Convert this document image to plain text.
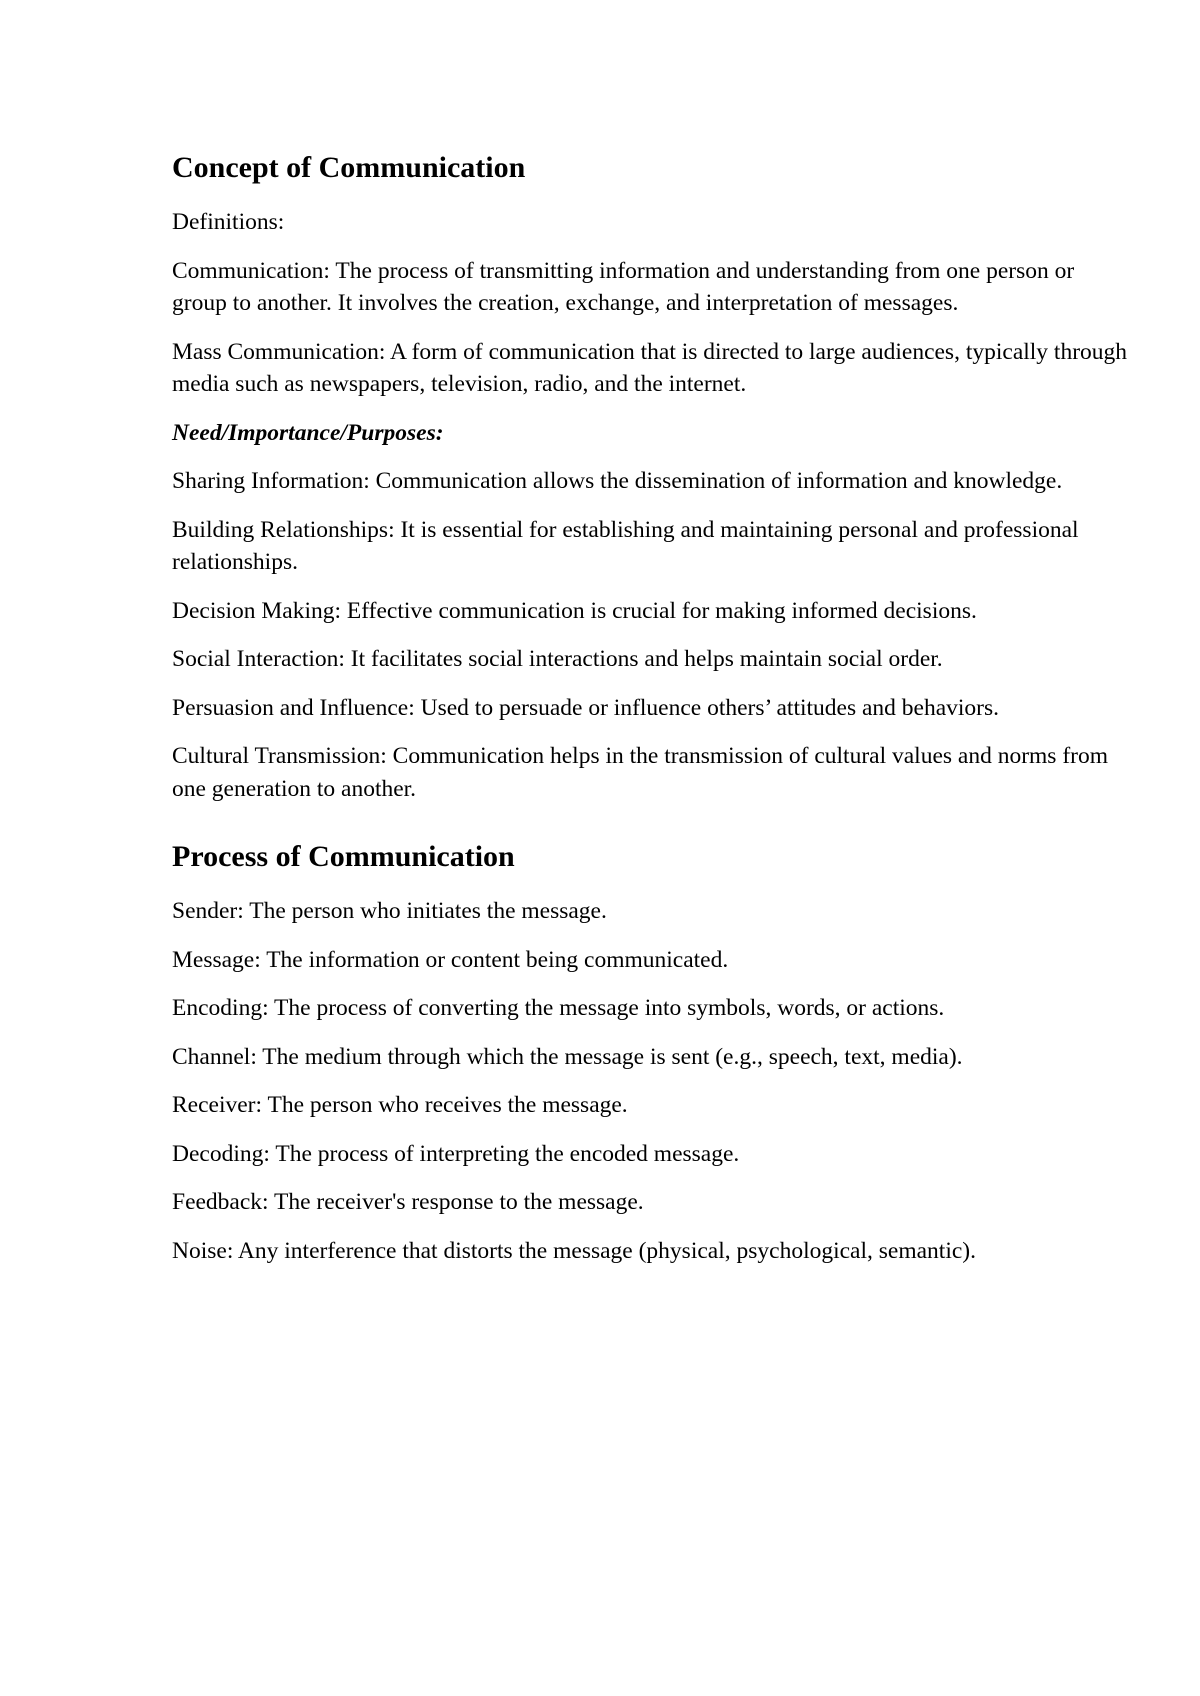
Concept of Communication

Definitions:

Communication: The process of transmitting information and understanding from one person or group to another. It involves the creation, exchange, and interpretation of messages.

Mass Communication: A form of communication that is directed to large audiences, typically through media such as newspapers, television, radio, and the internet.

Need/Importance/Purposes:

Sharing Information: Communication allows the dissemination of information and knowledge.

Building Relationships: It is essential for establishing and maintaining personal and professional relationships.

Decision Making: Effective communication is crucial for making informed decisions.

Social Interaction: It facilitates social interactions and helps maintain social order.

Persuasion and Influence: Used to persuade or influence others’ attitudes and behaviors.

Cultural Transmission: Communication helps in the transmission of cultural values and norms from one generation to another.

Process of Communication

Sender: The person who initiates the message.

Message: The information or content being communicated.

Encoding: The process of converting the message into symbols, words, or actions.

Channel: The medium through which the message is sent (e.g., speech, text, media).

Receiver: The person who receives the message.

Decoding: The process of interpreting the encoded message.

Feedback: The receiver's response to the message.

Noise: Any interference that distorts the message (physical, psychological, semantic).
